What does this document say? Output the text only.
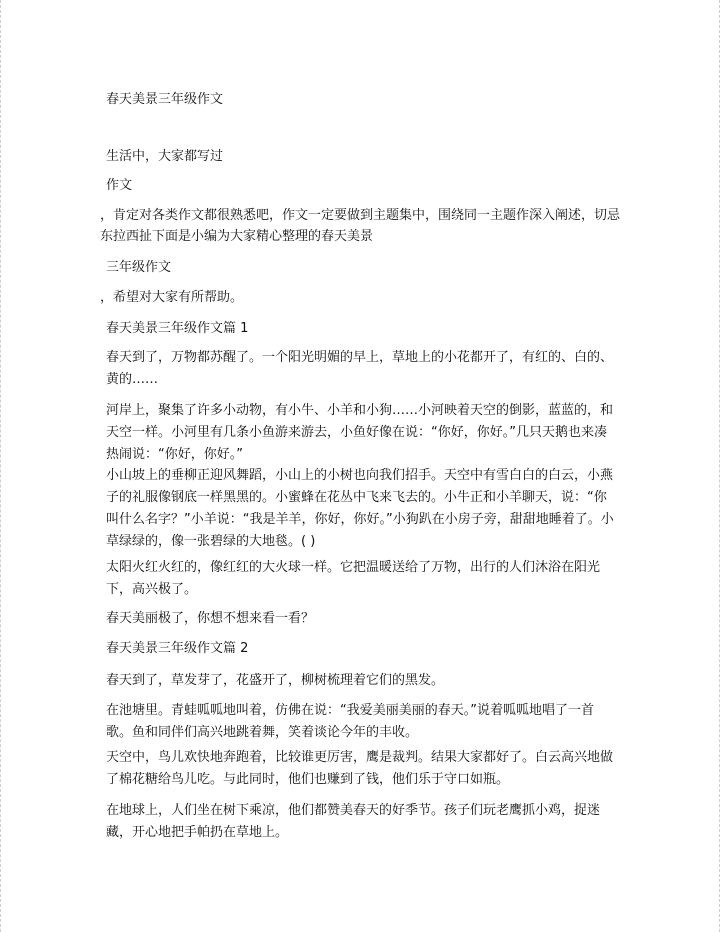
春天美景三年级作文

生活中，大家都写过

作文

，肯定对各类作文都很熟悉吧，作文一定要做到主题集中，围绕同一主题作深入阐述，切忌东拉西扯下面是小编为大家精心整理的春天美景

三年级作文

，希望对大家有所帮助。

春天美景三年级作文篇 1

春天到了，万物都苏醒了。一个阳光明媚的早上，草地上的小花都开了，有红的、白的、黄的……

河岸上，聚集了许多小动物，有小牛、小羊和小狗……小河映着天空的倒影，蓝蓝的，和天空一样。小河里有几条小鱼游来游去，小鱼好像在说：“你好，你好。”几只天鹅也来凑热闹说：“你好，你好。”

小山坡上的垂柳正迎风舞蹈，小山上的小树也向我们招手。天空中有雪白白的白云，小燕子的礼服像钢底一样黑黑的。小蜜蜂在花丛中飞来飞去的。小牛正和小羊聊天，说：“你叫什么名字？”小羊说：“我是羊羊，你好，你好。”小狗趴在小房子旁，甜甜地睡着了。小草绿绿的，像一张碧绿的大地毯。( )

太阳火红火红的，像红红的大火球一样。它把温暖送给了万物，出行的人们沐浴在阳光下，高兴极了。

春天美丽极了，你想不想来看一看？

春天美景三年级作文篇 2

春天到了，草发芽了，花盛开了，柳树梳理着它们的黑发。

在池塘里。青蛙呱呱地叫着，仿佛在说：“我爱美丽美丽的春天。”说着呱呱地唱了一首歌。鱼和同伴们高兴地跳着舞，笑着谈论今年的丰收。

天空中，鸟儿欢快地奔跑着，比较谁更厉害，鹰是裁判。结果大家都好了。白云高兴地做了棉花糖给鸟儿吃。与此同时，他们也赚到了钱，他们乐于守口如瓶。

在地球上，人们坐在树下乘凉，他们都赞美春天的好季节。孩子们玩老鹰抓小鸡，捉迷藏，开心地把手帕扔在草地上。
